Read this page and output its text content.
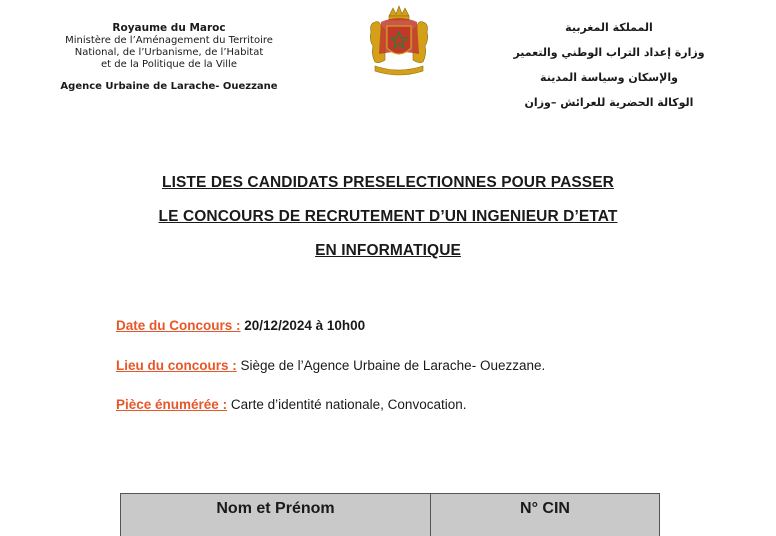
Royaume du Maroc
Ministère de l’Aménagement du Territoire
National, de l’Urbanisme, de l’Habitat
et de la Politique de la Ville
Agence Urbaine de Larache- Ouezzane
المملكة المغربية
وزارة إعداد التراب الوطني والتعمير
والإسكان وسياسة المدينة
الوكالة الحضرية للعرائش –وزان
LISTE DES CANDIDATS PRESELECTIONNES POUR PASSER
LE CONCOURS DE RECRUTEMENT D’UN INGENIEUR D’ETAT
EN INFORMATIQUE
Date du Concours : 20/12/2024 à 10h00
Lieu du concours : Siège de l’Agence Urbaine de Larache- Ouezzane.
Pièce énumérée : Carte d’identité nationale, Convocation.
Nom et Prénom	N° CIN
